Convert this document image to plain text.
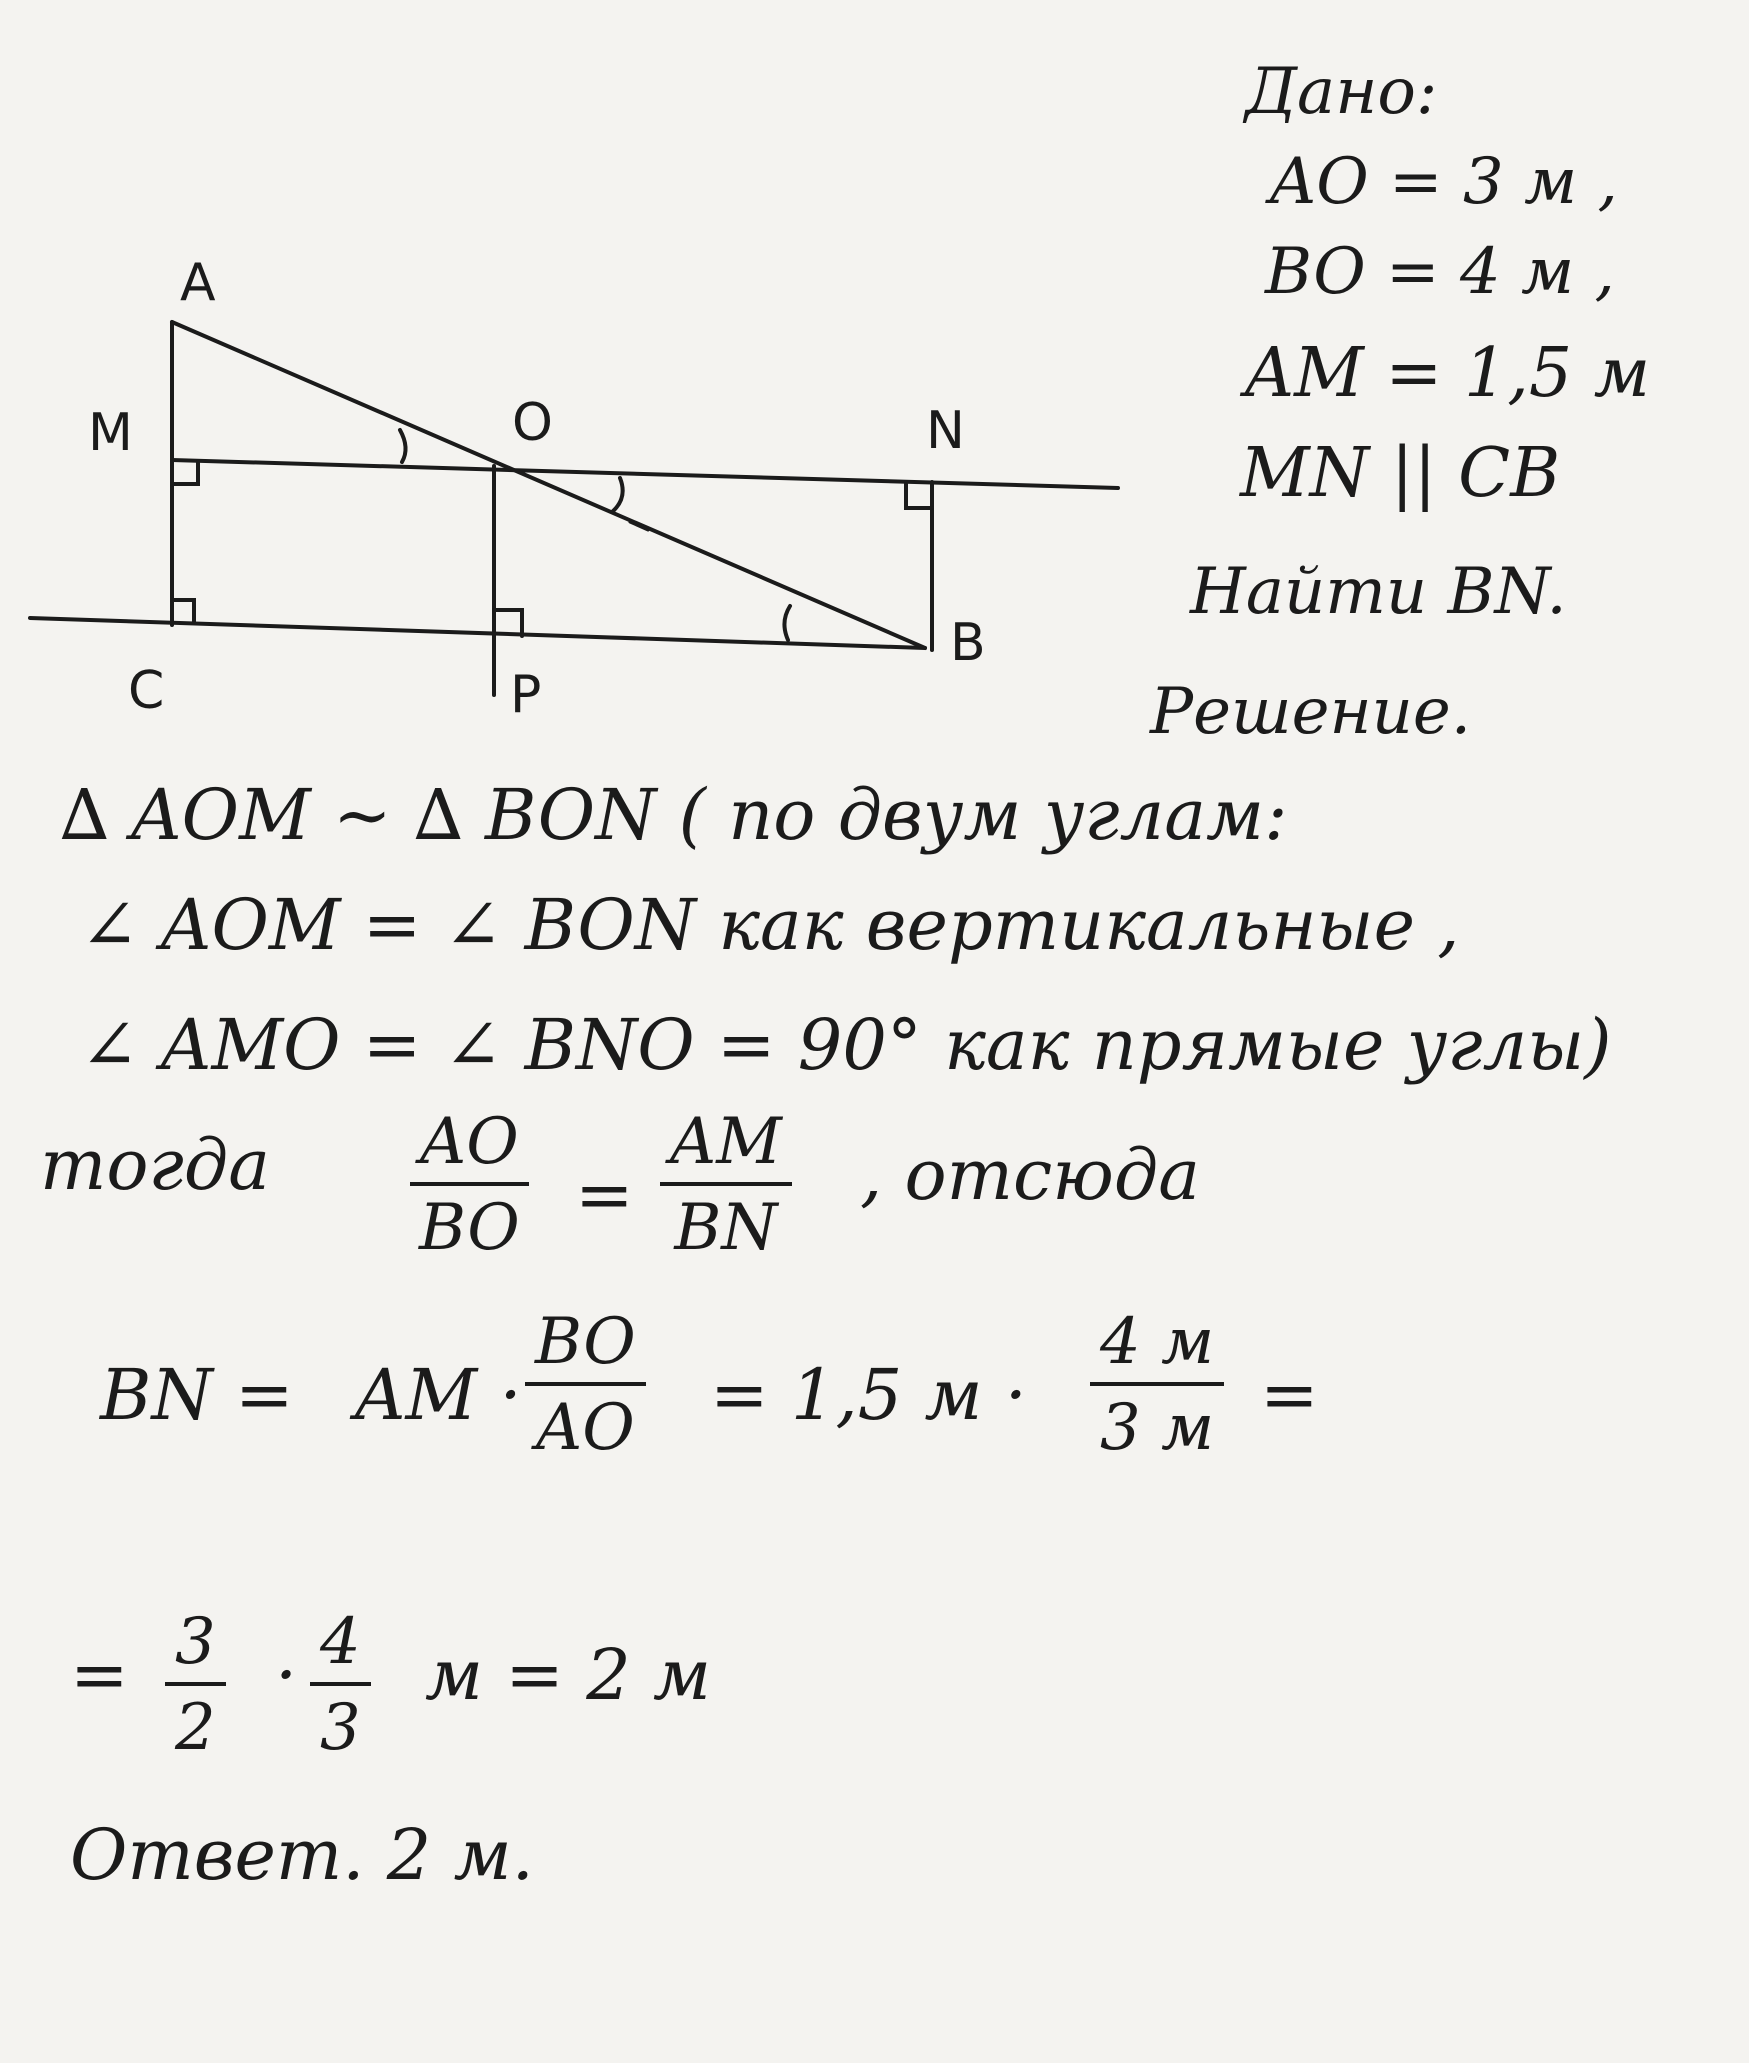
A
M	O	N
C	P
B
Дано:
AO = 3 м ,
BO = 4 м ,
AM = 1,5 м
MN || CB
Найти BN.
Решение.
∆ AOM ~ ∆ BON ( по двум углам:
∠ AOM = ∠ BON как вертикальные ,
∠ AMO = ∠ BNO = 90° как прямые углы)
тогда $\frac{AO}{BO} = \frac{AM}{BN}$ , отсюда
BN = AM · $\frac{BO}{AO} = 1,5$ м ·
4 м
3 м =
= $\frac{3}{2} \cdot \frac{4}{3}$ м = 2 м
Ответ. 2 м.
